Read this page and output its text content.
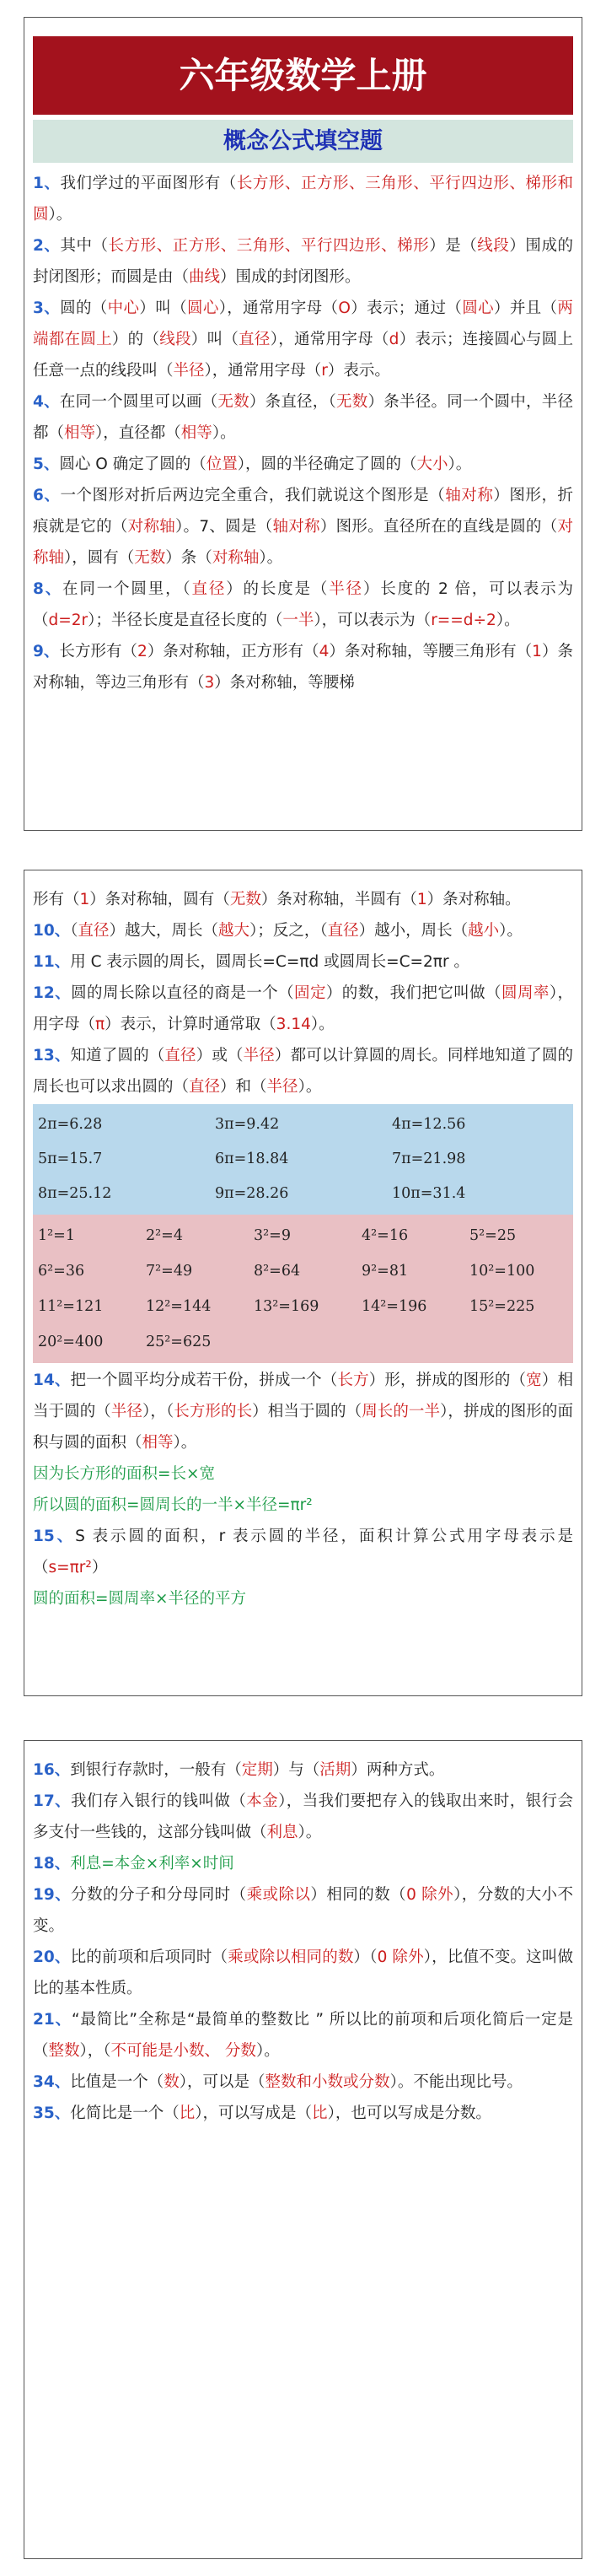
六年级数学上册
概念公式填空题

1、我们学过的平面图形有（长方形、正方形、三角形、平行四边形、梯形和圆）。

2、其中（长方形、正方形、三角形、平行四边形、梯形）是（线段）围成的封闭图形；而圆是由（曲线）围成的封闭图形。

3、圆的（中心）叫（圆心），通常用字母（O）表示；通过（圆心）并且（两端都在圆上）的（线段）叫（直径），通常用字母（d）表示；连接圆心与圆上任意一点的线段叫（半径），通常用字母（r）表示。

4、在同一个圆里可以画（无数）条直径，（无数）条半径。同一个圆中，半径都（相等），直径都（相等）。

5、圆心 O 确定了圆的（位置），圆的半径确定了圆的（大小）。

6、一个图形对折后两边完全重合，我们就说这个图形是（轴对称）图形，折痕就是它的（对称轴）。7、圆是（轴对称）图形。直径所在的直线是圆的（对称轴），圆有（无数）条（对称轴）。

8、在同一个圆里，（直径）的长度是（半径）长度的 2 倍，可以表示为（d=2r）；半径长度是直径长度的（一半），可以表示为（r==d÷2）。

9、长方形有（2）条对称轴，正方形有（4）条对称轴，等腰三角形有（1）条对称轴，等边三角形有（3）条对称轴，等腰梯

形有（1）条对称轴，圆有（无数）条对称轴，半圆有（1）条对称轴。

10、（直径）越大，周长（越大）；反之，（直径）越小，周长（越小）。

11、用 C 表示圆的周长，圆周长=C=πd 或圆周长=C=2πr 。

12、圆的周长除以直径的商是一个（固定）的数，我们把它叫做（圆周率），用字母（π）表示，计算时通常取（3.14）。

13、知道了圆的（直径）或（半径）都可以计算圆的周长。同样地知道了圆的周长也可以求出圆的（直径）和（半径）。

2π=6.28	3π=9.42	4π=12.56
5π=15.7	6π=18.84	7π=21.98
8π=25.12	9π=28.26	10π=31.4
1²=1	2²=4	3²=9	4²=16	5²=25
6²=36	7²=49	8²=64	9²=81	10²=100
11²=121	12²=144	13²=169	14²=196	15²=225
20²=400	25²=625

14、把一个圆平均分成若干份，拼成一个（长方）形，拼成的图形的（宽）相当于圆的（半径），（长方形的长）相当于圆的（周长的一半），拼成的图形的面积与圆的面积（相等）。

因为长方形的面积=长×宽

所以圆的面积=圆周长的一半×半径=πr²

15、S 表示圆的面积，r 表示圆的半径，面积计算公式用字母表示是（s=πr²）

圆的面积=圆周率×半径的平方

16、到银行存款时，一般有（定期）与（活期）两种方式。

17、我们存入银行的钱叫做（本金），当我们要把存入的钱取出来时，银行会多支付一些钱的，这部分钱叫做（利息）。

18、利息=本金×利率×时间

19、分数的分子和分母同时（乘或除以）相同的数（0 除外），分数的大小不变。

20、比的前项和后项同时（乘或除以相同的数）（0 除外），比值不变。这叫做比的基本性质。

21、“最简比”全称是“最简单的整数比 ” 所以比的前项和后项化简后一定是（整数），（不可能是小数、 分数）。

34、比值是一个（数），可以是（整数和小数或分数）。不能出现比号。

35、化简比是一个（比），可以写成是（比），也可以写成是分数。
